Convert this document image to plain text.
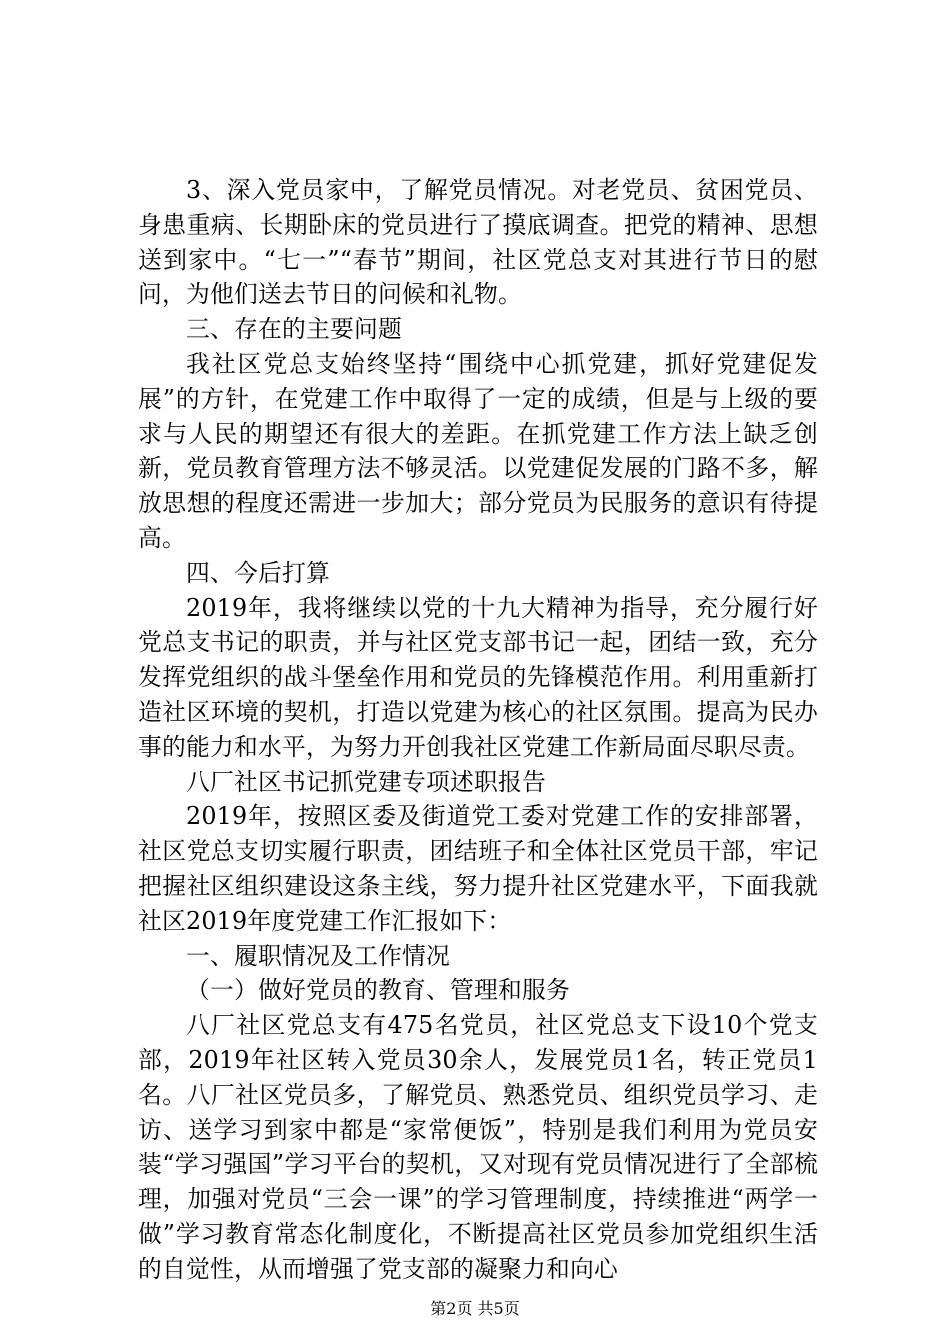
3、深入党员家中，了解党员情况。对老党员、贫困党员、身患重病、长期卧床的党员进行了摸底调查。把党的精神、思想送到家中。“七一”“春节”期间，社区党总支对其进行节日的慰问，为他们送去节日的问候和礼物。

三、存在的主要问题

我社区党总支始终坚持“围绕中心抓党建，抓好党建促发展”的方针，在党建工作中取得了一定的成绩，但是与上级的要求与人民的期望还有很大的差距。在抓党建工作方法上缺乏创新，党员教育管理方法不够灵活。以党建促发展的门路不多，解放思想的程度还需进一步加大；部分党员为民服务的意识有待提高。

四、今后打算

2019年，我将继续以党的十九大精神为指导，充分履行好党总支书记的职责，并与社区党支部书记一起，团结一致，充分发挥党组织的战斗堡垒作用和党员的先锋模范作用。利用重新打造社区环境的契机，打造以党建为核心的社区氛围。提高为民办事的能力和水平，为努力开创我社区党建工作新局面尽职尽责。

八厂社区书记抓党建专项述职报告

2019年，按照区委及街道党工委对党建工作的安排部署，社区党总支切实履行职责，团结班子和全体社区党员干部，牢记把握社区组织建设这条主线，努力提升社区党建水平，下面我就社区2019年度党建工作汇报如下：

一、履职情况及工作情况

（一）做好党员的教育、管理和服务

八厂社区党总支有475名党员，社区党总支下设10个党支部，2019年社区转入党员30余人，发展党员1名，转正党员1名。八厂社区党员多，了解党员、熟悉党员、组织党员学习、走访、送学习到家中都是“家常便饭”，特别是我们利用为党员安装“学习强国”学习平台的契机，又对现有党员情况进行了全部梳理，加强对党员“三会一课”的学习管理制度，持续推进“两学一做”学习教育常态化制度化，不断提高社区党员参加党组织生活的自觉性，从而增强了党支部的凝聚力和向心

第2页 共5页
